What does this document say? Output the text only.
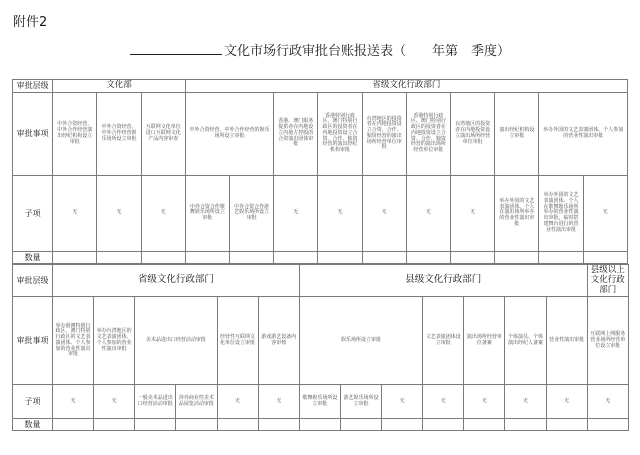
附件2
文化市场行政审批台账报送表（　　年第　季度）
审批层级	文化部			省级文化行政部门									
审批事项	中外合资经营、中外合作经营演出经纪机构设立审批	中外合资经营、中外合作经营娱乐场所设立审批	互联网文化单位进口互联网文化产品内容审查	中外合资经营、中外合作经营的娱乐场所设立审批		香港、澳门服务提供者在内地设立内地方控股的合资演出团体审批	香港特别行政区、澳门特别行政区的投资者在内地投资设立合资、合作、独资经营的演出经纪机构审批	台湾地区的投资者在内地投资设立合资、合作、独资经营的演出场所经营单位审批	香港特别行政区、澳门特别行政区的投资者在内地投资设立合资、合作、独资经营的演出场所经营单位审批	台湾地区的投资者在内地投资设立演出场所经营单位审批	演出经纪机构设立审批	举办外国的文艺表演团体、个人参加的营业性演出审批	
子项	无	无	无	中外合资合作歌舞娱乐场所设立审批	中外合资合作游艺娱乐场所设立审批	无	无	无	无	无	举办外国的文艺表演团体、个人在演出场所举办的营业性演出审批	举办外国的文艺表演团体、个人在歌舞娱乐场所举办的营业性演出审批，临时搭建舞台进行的营业性演出审批	无
数量													
审批层级	省级文化行政部门						县级文化行政部门							县级以上文化行政部门
审批事项	举办港澳特别行政区、澳门特别行政区的文艺表演团体、个人参加的营业性演出审批	举办台湾地区的文艺表演团体、个人参加的营业性演出审批	美术品进出口经营活动审批		经营性互联网文化单位设立审批	游戏游艺设备内容审核	娱乐场所设立审批			文艺表演团体设立审批	演出场所经营单位备案	个体演员、个体演出经纪人备案	营业性演出审批	互联网上网服务营业场所经营单位设立审批
子项	无	无	一般美术品进出口经营活动审批	涉外商业性美术品展览活动审批	无	无	歌舞娱乐场所设立审批	游艺娱乐场所设立审批	无	无	无	无	无	无
数量														
